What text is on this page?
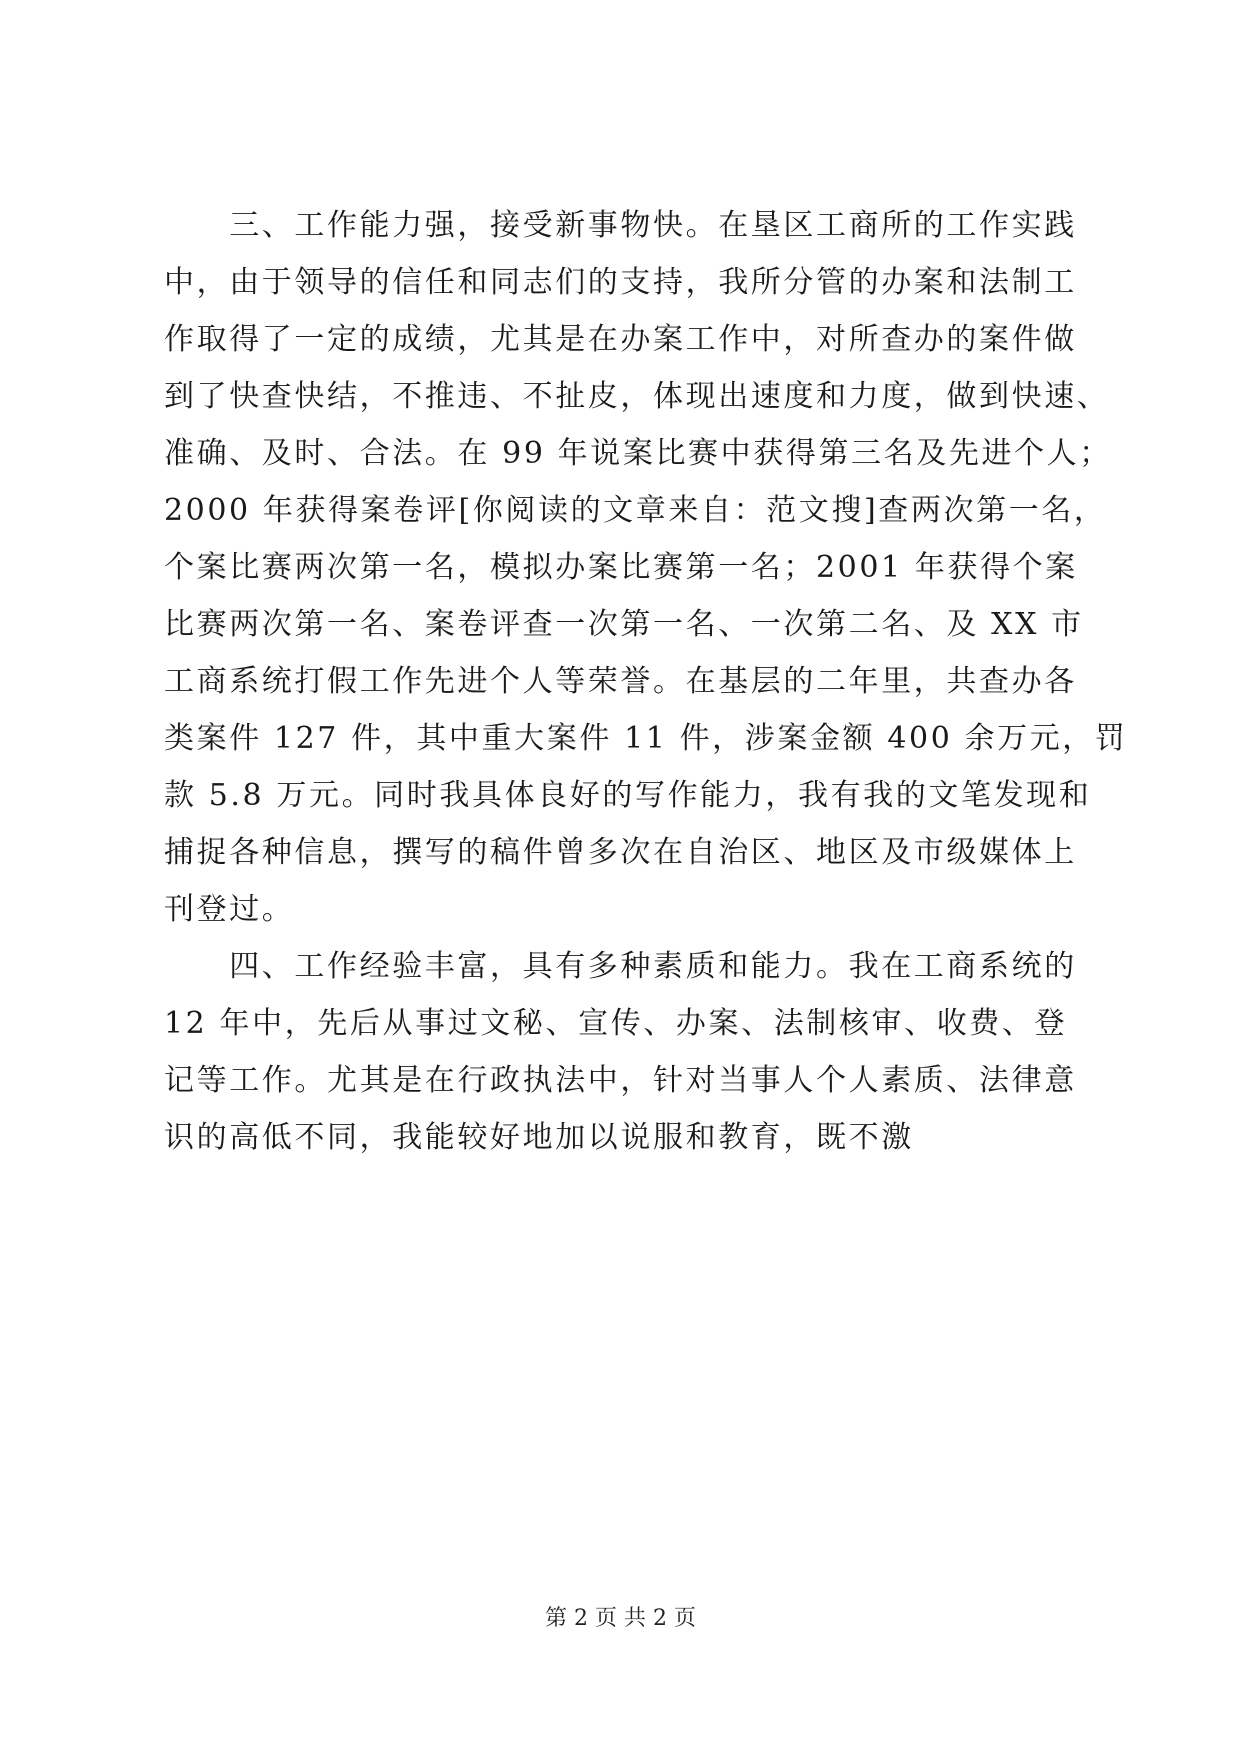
　　三、工作能力强，接受新事物快。在垦区工商所的工作实践
中，由于领导的信任和同志们的支持，我所分管的办案和法制工
作取得了一定的成绩，尤其是在办案工作中，对所查办的案件做
到了快查快结，不推违、不扯皮，体现出速度和力度，做到快速、
准确、及时、合法。在 99 年说案比赛中获得第三名及先进个人；
2000 年获得案卷评[你阅读的文章来自：范文搜]查两次第一名，
个案比赛两次第一名，模拟办案比赛第一名；2001 年获得个案
比赛两次第一名、案卷评查一次第一名、一次第二名、及 XX 市
工商系统打假工作先进个人等荣誉。在基层的二年里，共查办各
类案件 127 件，其中重大案件 11 件，涉案金额 400 余万元，罚
款 5.8 万元。同时我具体良好的写作能力，我有我的文笔发现和
捕捉各种信息，撰写的稿件曾多次在自治区、地区及市级媒体上
刊登过。
　　四、工作经验丰富，具有多种素质和能力。我在工商系统的
12 年中，先后从事过文秘、宣传、办案、法制核审、收费、登
记等工作。尤其是在行政执法中，针对当事人个人素质、法律意
识的高低不同，我能较好地加以说服和教育，既不激
第 2 页 共 2 页
